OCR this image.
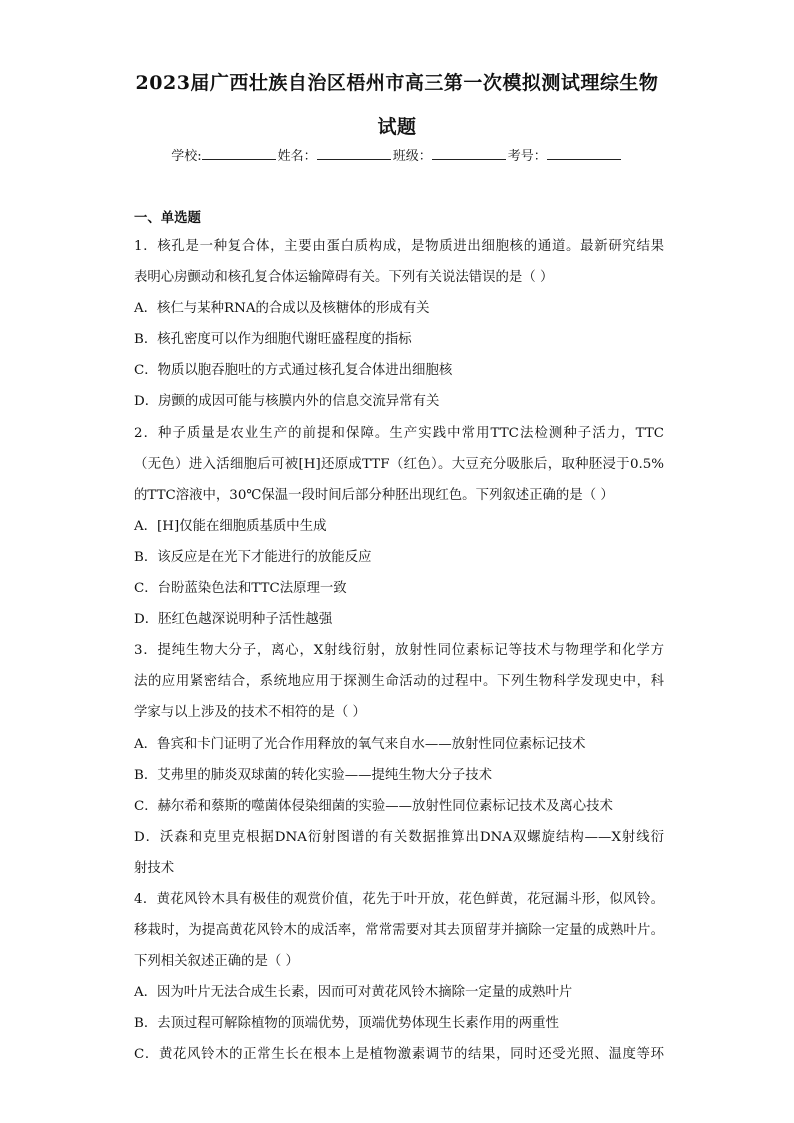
2023届广西壮族自治区梧州市高三第一次模拟测试理综生物
试题
学校:	姓名：	班级：	考号：
一、单选题
1．核孔是一种复合体，主要由蛋白质构成，是物质进出细胞核的通道。最新研究结果
表明心房颤动和核孔复合体运输障碍有关。下列有关说法错误的是（ ）
A．核仁与某种RNA的合成以及核糖体的形成有关
B．核孔密度可以作为细胞代谢旺盛程度的指标
C．物质以胞吞胞吐的方式通过核孔复合体进出细胞核
D．房颤的成因可能与核膜内外的信息交流异常有关
2．种子质量是农业生产的前提和保障。生产实践中常用TTC法检测种子活力，TTC
（无色）进入活细胞后可被[H]还原成TTF（红色）。大豆充分吸胀后，取种胚浸于0.5%
的TTC溶液中，30℃保温一段时间后部分种胚出现红色。下列叙述正确的是（ ）
A．[H]仅能在细胞质基质中生成
B．该反应是在光下才能进行的放能反应
C．台盼蓝染色法和TTC法原理一致
D．胚红色越深说明种子活性越强
3．提纯生物大分子，离心，X射线衍射，放射性同位素标记等技术与物理学和化学方
法的应用紧密结合，系统地应用于探测生命活动的过程中。下列生物科学发现史中，科
学家与以上涉及的技术不相符的是（ ）
A．鲁宾和卡门证明了光合作用释放的氧气来自水——放射性同位素标记技术
B．艾弗里的肺炎双球菌的转化实验——提纯生物大分子技术
C．赫尔希和蔡斯的噬菌体侵染细菌的实验——放射性同位素标记技术及离心技术
D．沃森和克里克根据DNA衍射图谱的有关数据推算出DNA双螺旋结构——X射线衍
射技术
4．黄花风铃木具有极佳的观赏价值，花先于叶开放，花色鲜黄，花冠漏斗形，似风铃。
移栽时，为提高黄花风铃木的成活率，常常需要对其去顶留芽并摘除一定量的成熟叶片。
下列相关叙述正确的是（ ）
A．因为叶片无法合成生长素，因而可对黄花风铃木摘除一定量的成熟叶片
B．去顶过程可解除植物的顶端优势，顶端优势体现生长素作用的两重性
C．黄花风铃木的正常生长在根本上是植物激素调节的结果，同时还受光照、温度等环
